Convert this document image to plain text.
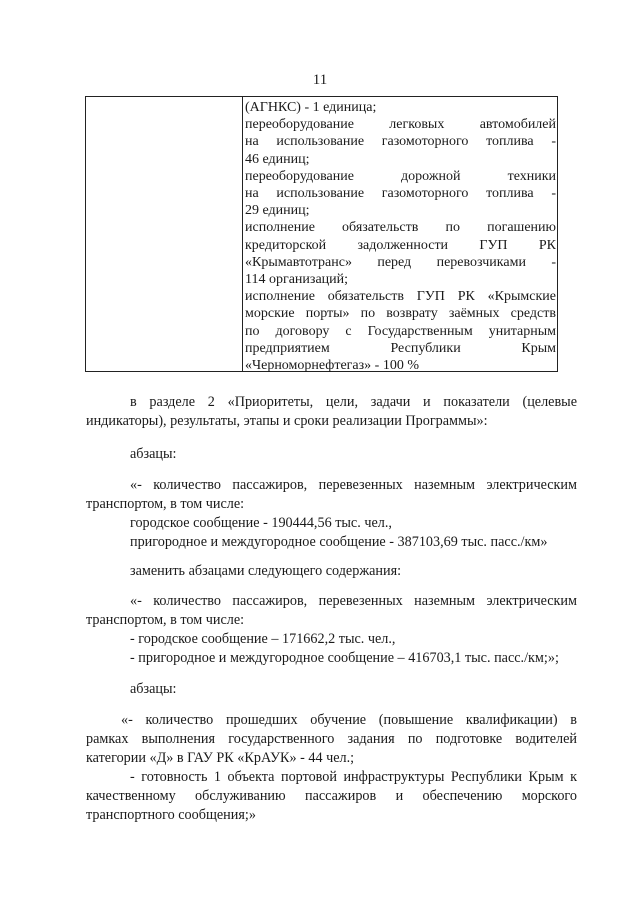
11
(АГНКС) - 1 единица;
переоборудование легковых автомобилей
на использование газомоторного топлива -
46 единиц;
переоборудование дорожной техники
на использование газомоторного топлива -
29 единиц;
исполнение обязательств по погашению
кредиторской задолженности ГУП РК
«Крымавтотранс» перед перевозчиками -
114 организаций;
исполнение обязательств ГУП РК «Крымские
морские порты» по возврату заёмных средств
по договору с Государственным унитарным
предприятием Республики Крым
«Черноморнефтегаз» - 100 %
в разделе 2 «Приоритеты, цели, задачи и показатели (целевые
индикаторы), результаты, этапы и сроки реализации Программы»:
абзацы:
«- количество пассажиров, перевезенных наземным электрическим
транспортом, в том числе:
городское сообщение - 190444,56 тыс. чел.,
пригородное и междугородное сообщение - 387103,69 тыс. пасс./км»
заменить абзацами следующего содержания:
«- количество пассажиров, перевезенных наземным электрическим
транспортом, в том числе:
- городское сообщение – 171662,2 тыс. чел.,
- пригородное и междугородное сообщение – 416703,1 тыс. пасс./км;»;
абзацы:
«- количество прошедших обучение (повышение квалификации) в
рамках выполнения государственного задания по подготовке водителей
категории «Д» в ГАУ РК «КрАУК» - 44 чел.;
- готовность 1 объекта портовой инфраструктуры Республики Крым к
качественному обслуживанию пассажиров и обеспечению морского
транспортного сообщения;»
